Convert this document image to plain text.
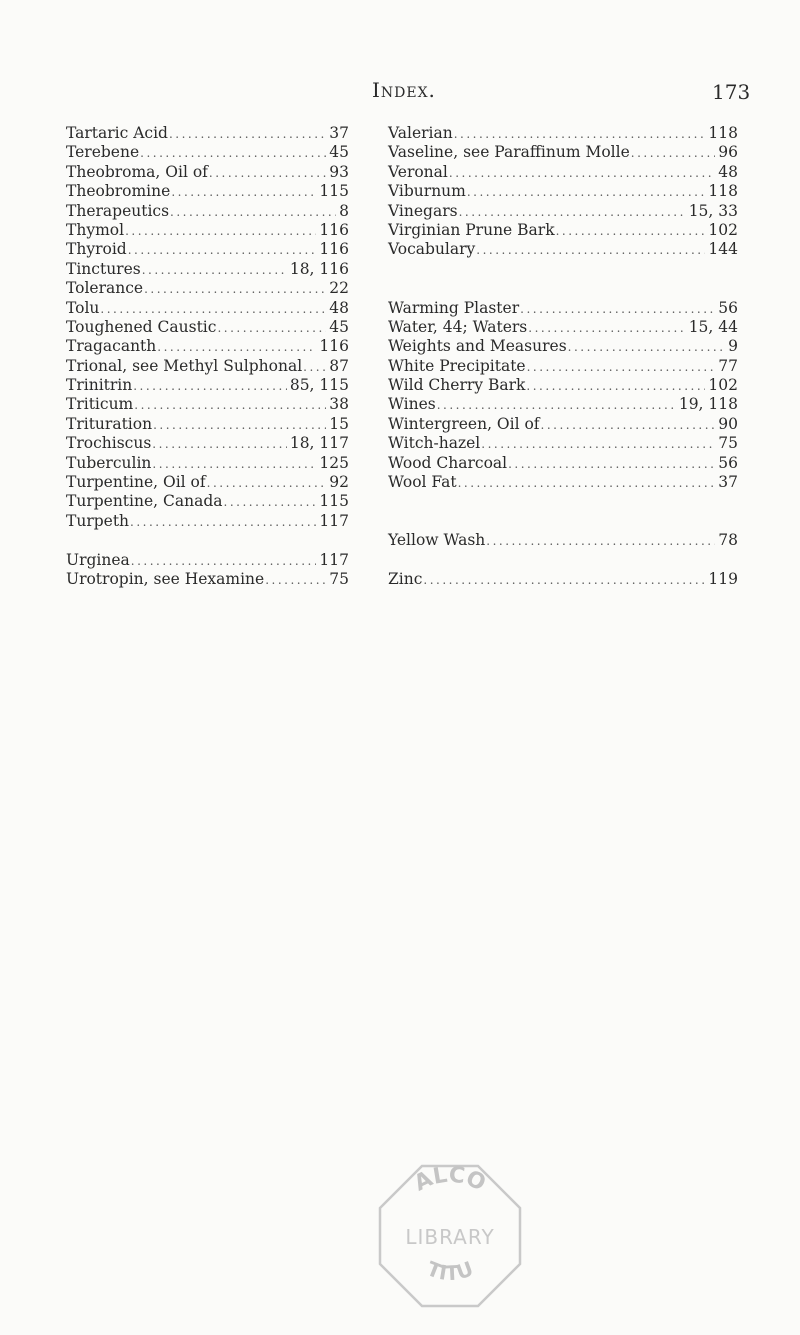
Index.	173
Tartaric Acid .....	37
Terebene .....	45
Theobroma, Oil of .....	93
Theobromine .....	115
Therapeutics .....	8
Thymol .....	116
Thyroid .....	116
Tinctures .....	18, 116
Tolerance .....	22
Tolu .....	48
Toughened Caustic .....	45
Tragacanth .....	116
Trional, see Methyl Sulphonal ..... 87
Trinitrin .....	85, 115
Triticum .....	38
Trituration .....	15
Trochiscus .....	18, 117
Tuberculin .....	125
Turpentine, Oil of .....	92
Turpentine, Canada .....	115
Turpeth .....	117
Urginea .....	117
Urotropin, see Hexamine .....	75
Valerian .....	118
Vaseline, see Paraffinum Molle .....	96
Veronal .....	48
Viburnum .....	118
Vinegars .....	15, 33
Virginian Prune Bark .....	102
Vocabulary .....	144
Warming Plaster .....	56
Water, 44; Waters .....	15, 44
Weights and Measures .....	9
White Precipitate .....	77
Wild Cherry Bark .....	102
Wines .....	19, 118
Wintergreen, Oil of .....	90
Witch-hazel .....	75
Wood Charcoal .....	56
Wool Fat .....	37
Yellow Wash .....	78
Zinc .....	119
ALCO
LIBRARY
TITU
